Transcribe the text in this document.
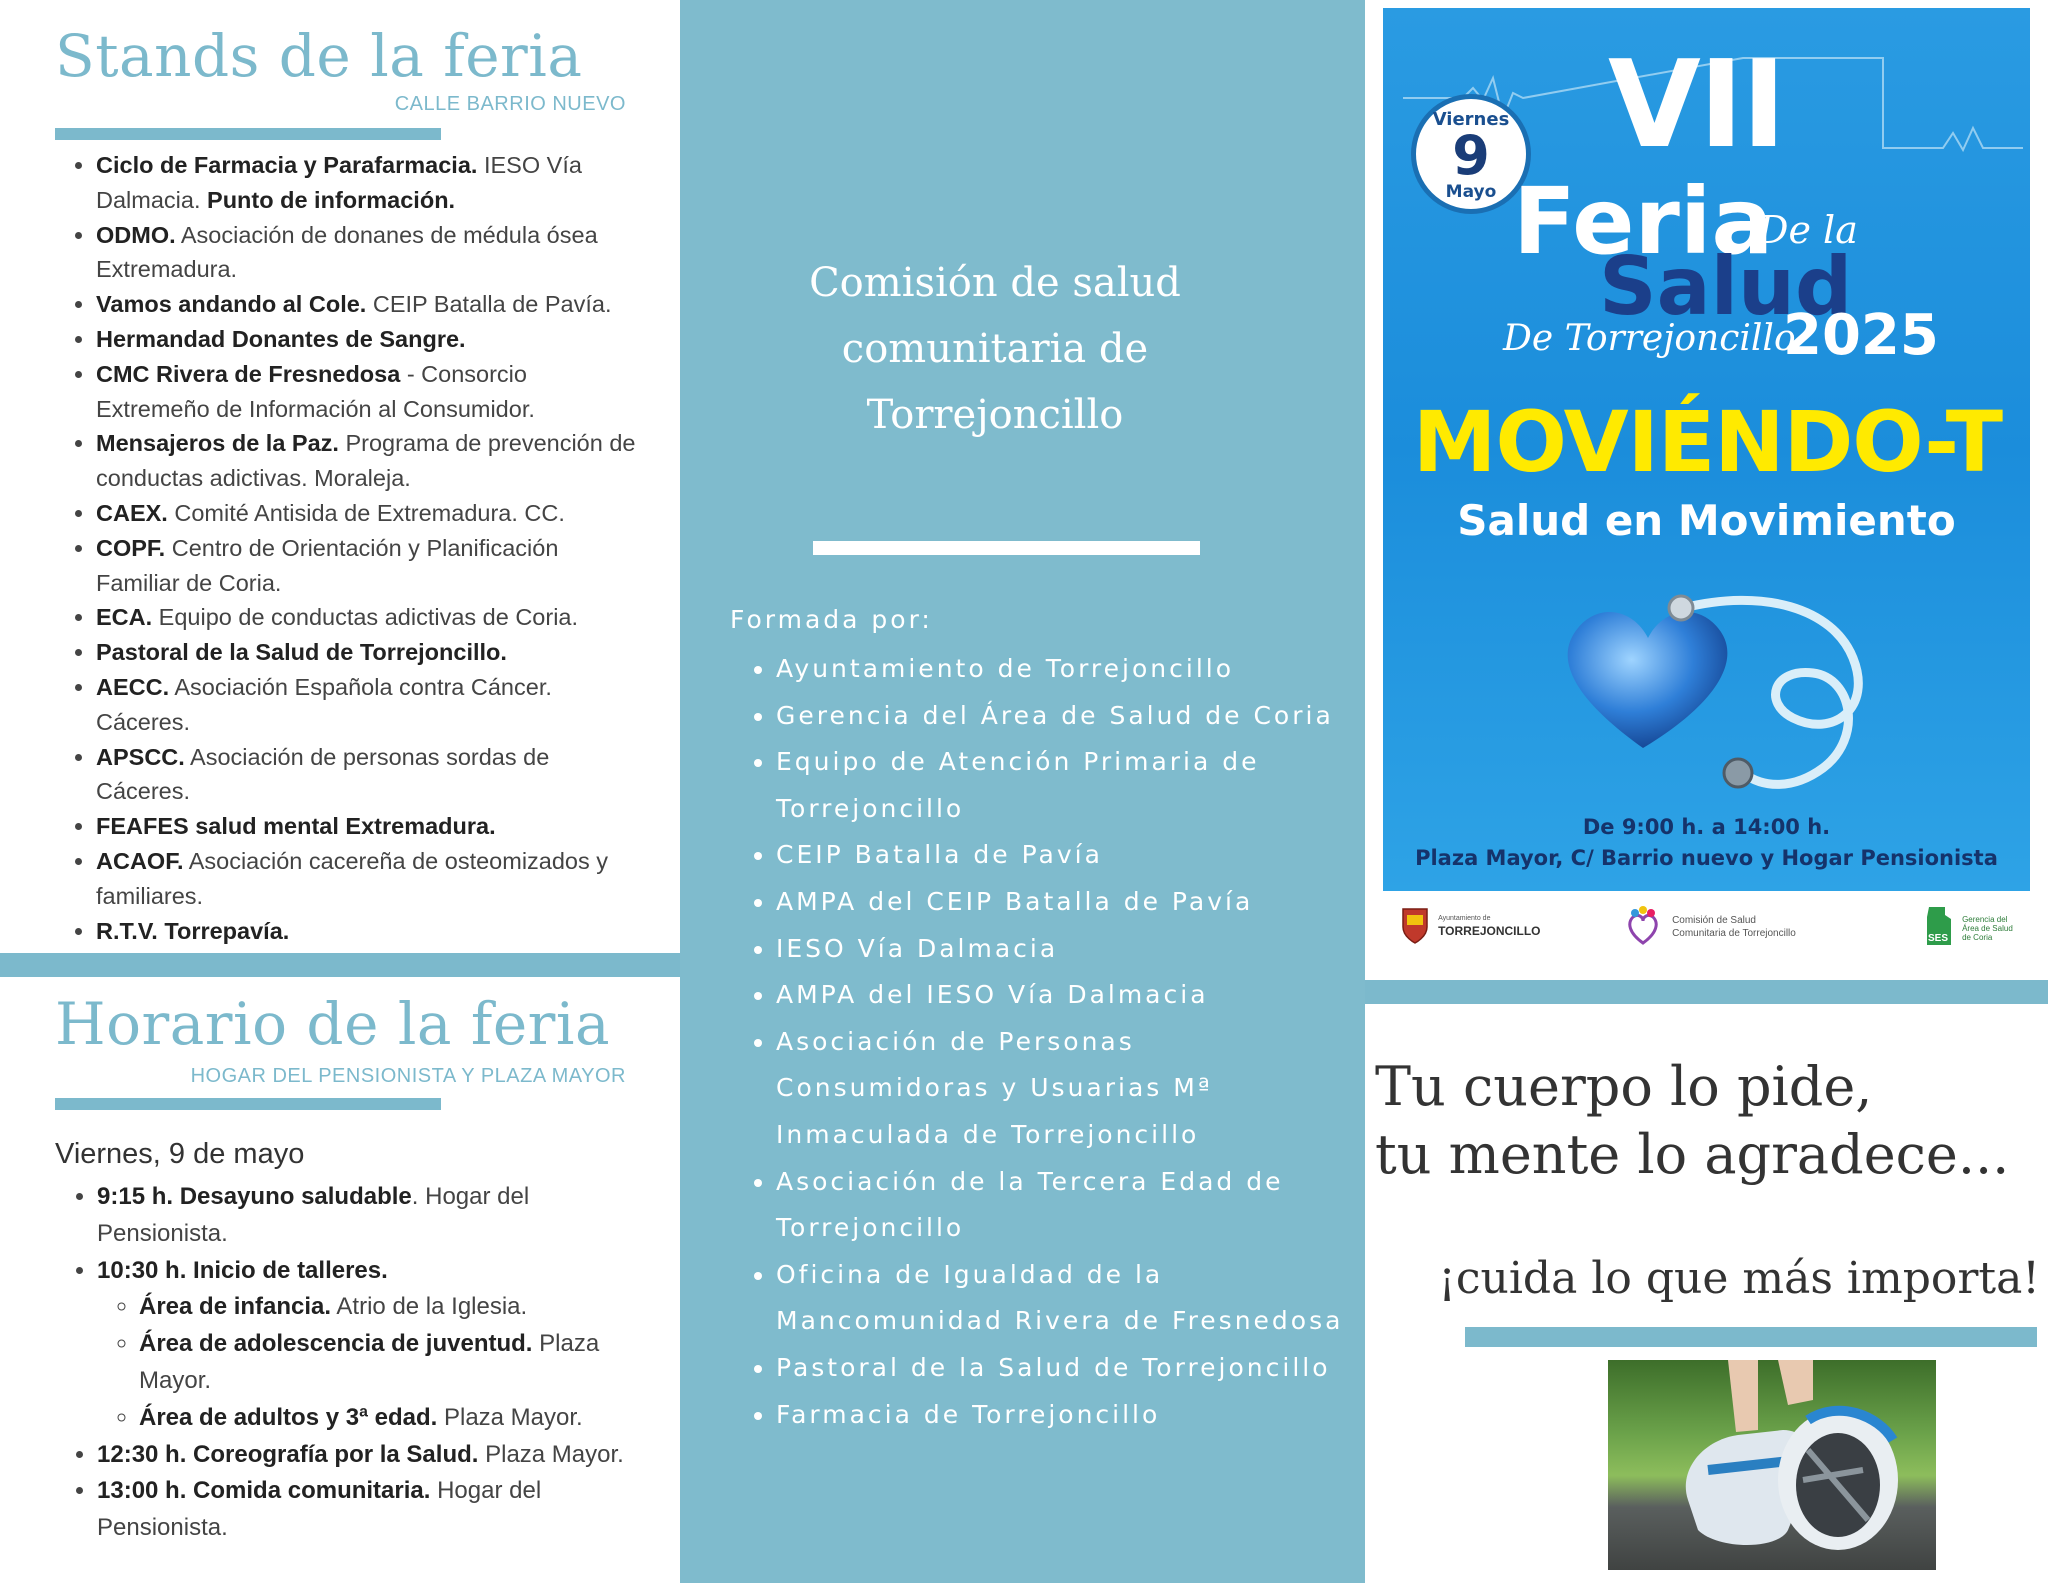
Stands de la feria
CALLE BARRIO NUEVO
• Ciclo de Farmacia y Parafarmacia. IESO Vía Dalmacia. Punto de información.
• ODMO. Asociación de donanes de médula ósea Extremadura.
• Vamos andando al Cole. CEIP Batalla de Pavía.
• Hermandad Donantes de Sangre.
• CMC Rivera de Fresnedosa - Consorcio Extremeño de Información al Consumidor.
• Mensajeros de la Paz. Programa de prevención de conductas adictivas. Moraleja.
• CAEX. Comité Antisida de Extremadura. CC.
• COPF. Centro de Orientación y Planificación Familiar de Coria.
• ECA. Equipo de conductas adictivas de Coria.
• Pastoral de la Salud de Torrejoncillo.
• AECC. Asociación Española contra Cáncer. Cáceres.
• APSCC. Asociación de personas sordas de Cáceres.
• FEAFES salud mental Extremadura.
• ACAOF. Asociación cacereña de osteomizados y familiares.
• R.T.V. Torrepavía.
Horario de la feria
HOGAR DEL PENSIONISTA Y PLAZA MAYOR
Viernes, 9 de mayo
• 9:15 h. Desayuno saludable. Hogar del Pensionista.
• 10:30 h. Inicio de talleres.
◦ Área de infancia. Atrio de la Iglesia.
◦ Área de adolescencia de juventud. Plaza Mayor.
◦ Área de adultos y 3ª edad. Plaza Mayor.
• 12:30 h. Coreografía por la Salud. Plaza Mayor.
• 13:00 h. Comida comunitaria. Hogar del Pensionista.
Comisión de salud
comunitaria de
Torrejoncillo
Formada por:
• Ayuntamiento de Torrejoncillo
• Gerencia del Área de Salud de Coria
• Equipo de Atención Primaria de Torrejoncillo
• CEIP Batalla de Pavía
• AMPA del CEIP Batalla de Pavía
• IESO Vía Dalmacia
• AMPA del IESO Vía Dalmacia
• Asociación de Personas Consumidoras y Usuarias Mª Inmaculada de Torrejoncillo
• Asociación de la Tercera Edad de Torrejoncillo
• Oficina de Igualdad de la Mancomunidad Rivera de Fresnedosa
• Pastoral de la Salud de Torrejoncillo
• Farmacia de Torrejoncillo
Viernes
9
Mayo
VII
Feria
De la
Salud
De Torrejoncillo
2025
MOVIÉNDO-T
Salud en Movimiento
De 9:00 h. a 14:00 h.
Plaza Mayor, C/ Barrio nuevo y Hogar Pensionista

Ayuntamiento de
TORREJONCILLO

Comisión de Salud
Comunitaria de Torrejoncillo	SES

Gerencia del
Área de Salud
de Coria
Tu cuerpo lo pide,
tu mente lo agradece...
¡cuida lo que más importa!
